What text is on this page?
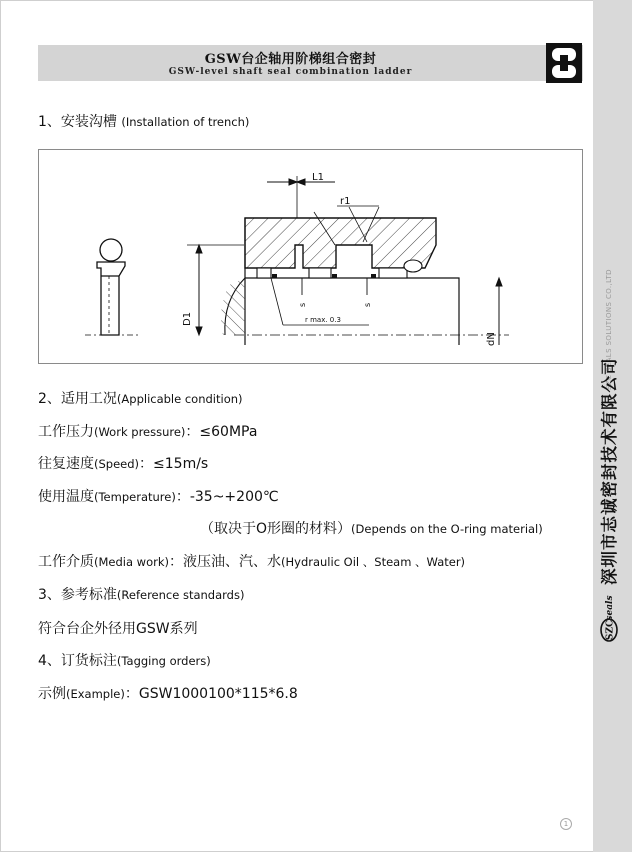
SZC SEALS SOLUTIONS CO.,LTD
深圳市志诚密封技术有限公司
SZC
seals
GSW台企轴用阶梯组合密封
GSW-level shaft seal combination ladder
1、安装沟槽 (Installation of trench)
D1
L1
r1
s	s
r max. 0.3
dN
2、适用工况(Applicable condition)
工作压力(Work pressure)：≤60MPa
往复速度(Speed)：≤15m/s
使用温度(Temperature)：-35~+200℃
（取决于O形圈的材料）(Depends on the O-ring material)
工作介质(Media work)：液压油、汽、水(Hydraulic Oil 、Steam 、Water)
3、参考标准(Reference standards)
符合台企外径用GSW系列
4、订货标注(Tagging orders)
示例(Example)：GSW1000100*115*6.8
1
